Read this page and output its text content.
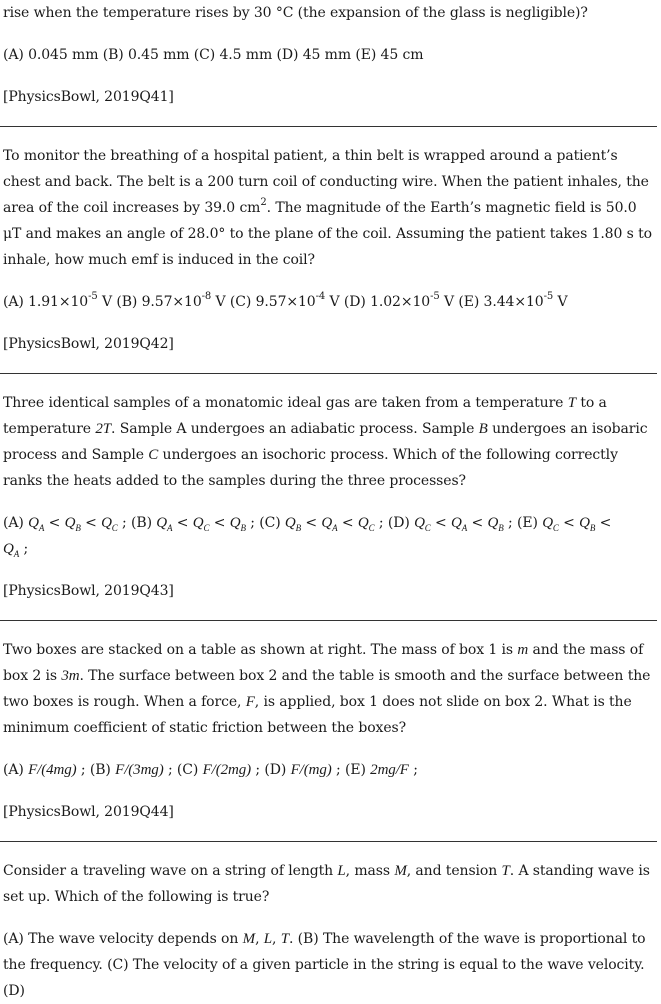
rise when the temperature rises by 30 °C (the expansion of the glass is negligible)?

(A) 0.045 mm (B) 0.45 mm (C) 4.5 mm (D) 45 mm (E) 45 cm

[PhysicsBowl, 2019Q41]

To monitor the breathing of a hospital patient, a thin belt is wrapped around a patient’s chest and back. The belt is a 200 turn coil of conducting wire. When the patient inhales, the area of the coil increases by 39.0 $cm^2$. The magnitude of the Earth’s magnetic field is 50.0 μT and makes an angle of 28.0° to the plane of the coil. Assuming the patient takes 1.80 s to inhale, how much emf is induced in the coil?

(A) $1.91\times 10^{-5}$ V (B) $9.57\times 10^{-8}$ V (C) $9.57\times 10^{-4}$ V (D) $1.02\times 10^{-5}$ V (E) $3.44\times 10^{-5}$ V

[PhysicsBowl, 2019Q42]

Three identical samples of a monatomic ideal gas are taken from a temperature T to a temperature 2T. Sample A undergoes an adiabatic process. Sample B undergoes an isobaric process and Sample C undergoes an isochoric process. Which of the following correctly ranks the heats added to the samples during the three processes?

(A) $Q_A < Q_B < Q_C$ ; (B) $Q_A < Q_C < Q_B$ ; (C) $Q_B < Q_A < Q_C$ ; (D) $Q_C < Q_A < Q_B$ ; (E) $Q_C < Q_B$ <
$Q_A$ ;

[PhysicsBowl, 2019Q43]

Two boxes are stacked on a table as shown at right. The mass of box 1 is m and the mass of box 2 is 3m. The surface between box 2 and the table is smooth and the surface between the two boxes is rough. When a force, F, is applied, box 1 does not slide on box 2. What is the minimum coefficient of static friction between the boxes?

(A) F/(4mg) ; (B) F/(3mg) ; (C) F/(2mg) ; (D) F/(mg) ; (E) 2mg/F ;

[PhysicsBowl, 2019Q44]

Consider a traveling wave on a string of length L, mass M, and tension T. A standing wave is set up. Which of the following is true?

(A) The wave velocity depends on M, L, T. (B) The wavelength of the wave is proportional to the frequency. (C) The velocity of a given particle in the string is equal to the wave velocity. (D)
